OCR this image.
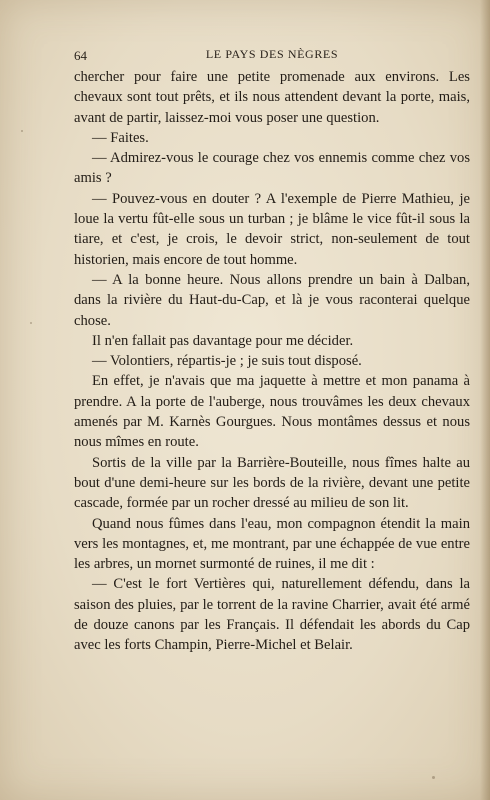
64	LE PAYS DES NÈGRES

chercher pour faire une petite promenade aux environs. Les chevaux sont tout prêts, et ils nous attendent devant la porte, mais, avant de partir, laissez-moi vous poser une question.

— Faites.

— Admirez-vous le courage chez vos ennemis comme chez vos amis ?

— Pouvez-vous en douter ? A l'exemple de Pierre Mathieu, je loue la vertu fût-elle sous un turban ; je blâme le vice fût-il sous la tiare, et c'est, je crois, le devoir strict, non-seulement de tout historien, mais encore de tout homme.

— A la bonne heure. Nous allons prendre un bain à Dalban, dans la rivière du Haut-du-Cap, et là je vous raconterai quelque chose.

Il n'en fallait pas davantage pour me décider.

— Volontiers, répartis-je ; je suis tout disposé.

En effet, je n'avais que ma jaquette à mettre et mon panama à prendre. A la porte de l'auberge, nous trouvâmes les deux chevaux amenés par M. Karnès Gourgues. Nous montâmes dessus et nous nous mîmes en route.

Sortis de la ville par la Barrière-Bouteille, nous fîmes halte au bout d'une demi-heure sur les bords de la rivière, devant une petite cascade, formée par un rocher dressé au milieu de son lit.

Quand nous fûmes dans l'eau, mon compagnon étendit la main vers les montagnes, et, me montrant, par une échappée de vue entre les arbres, un mornet surmonté de ruines, il me dit :

— C'est le fort Vertières qui, naturellement défendu, dans la saison des pluies, par le torrent de la ravine Charrier, avait été armé de douze canons par les Français. Il défendait les abords du Cap avec les forts Champin, Pierre-Michel et Belair.
